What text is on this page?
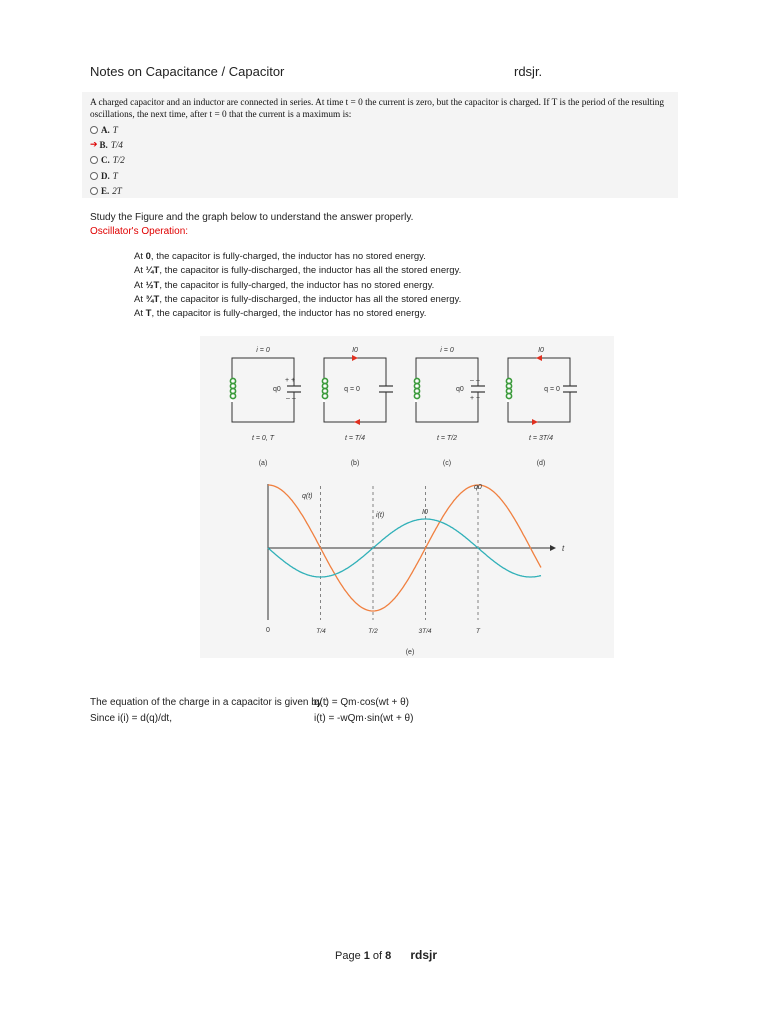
Notes on Capacitance / Capacitor	rdsjr.
A charged capacitor and an inductor are connected in series. At time t = 0 the current is zero, but the capacitor is charged. If T is the period of the resulting oscillations, the next time, after t = 0 that the current is a maximum is:
A. T
➔ B. T/4
C. T/2
D. T
E. 2T
Study the Figure and the graph below to understand the answer properly.
Oscillator's Operation:
At 0, the capacitor is fully-charged, the inductor has no stored energy.
At ¼T, the capacitor is fully-discharged, the inductor has all the stored energy.
At ½T, the capacitor is fully-charged, the inductor has no stored energy.
At ¾T, the capacitor is fully-discharged, the inductor has all the stored energy.
At T, the capacitor is fully-charged, the inductor has no stored energy.
+ +
– –
q0
i = 0
t = 0, T
(a)
q = 0
I0
t = T/4
(b)
– –
+ +
q0
i = 0
t = T/2
(c)
q = 0
I0
t = 3T/4
(d)
t
q(t)
i(t)	I0
q0
0	T/4	T/2	3T/4	T
(e)
The equation of the charge in a capacitor is given by :
q(t) = Qm·cos(wt + θ)
Since i(i) = d(q)/dt,	i(t) = -wQm·sin(wt + θ)
Page 1 of 8 rdsjr
